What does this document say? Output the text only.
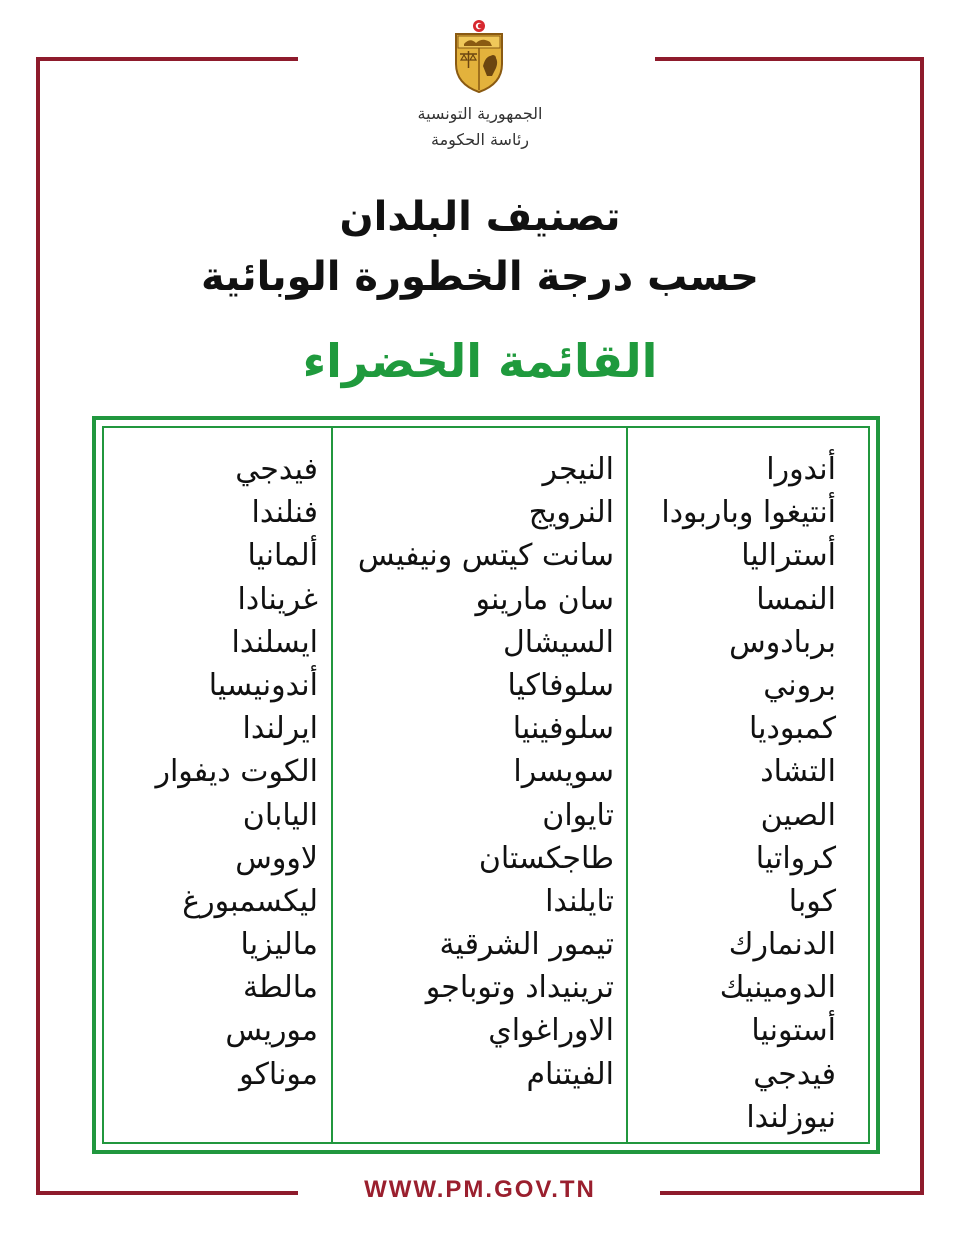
الجمهورية التونسية
رئاسة الحكومة
تصنيف البلدان
حسب درجة الخطورة الوبائية
القائمة الخضراء
أندورا
أنتيغوا وباربودا
أستراليا
النمسا
بربادوس
بروني
كمبوديا
التشاد
الصين
كرواتيا
كوبا
الدنمارك
الدومينيك
أستونيا
فيدجي
نيوزلندا
النيجر
النرويج
سانت كيتس ونيفيس
سان مارينو
السيشال
سلوفاكيا
سلوفينيا
سويسرا
تايوان
طاجكستان
تايلندا
تيمور الشرقية
ترينيداد وتوباجو
الاوراغواي
الفيتنام
فيدجي
فنلندا
ألمانيا
غرينادا
ايسلندا
أندونيسيا
ايرلندا
الكوت ديفوار
اليابان
لاووس
ليكسمبورغ
ماليزيا
مالطة
موريس
موناكو
WWW.PM.GOV.TN
